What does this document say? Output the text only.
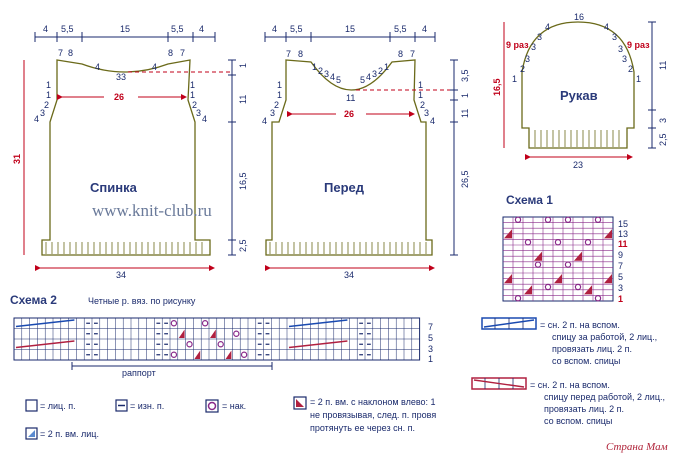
4 5,5	15	5,5 4
1
1
2
3
4
7 8
1
1
2
3
4
8 7
4	4
33
26
Спинка
34
31
1
11
16,5
2,5
4 5,5	15	5,5 4
1
1
2
3
4
7 8
1
1
2
3
4
8 7
1 2 3 4 5 5 4 3 2 1
11
26
Перед
34
3,5
1
11
26,5
16
4
3
3
3
2
1
4
3
3
3
2
1
9 раз	9 раз
Рукав
16,5
11
3
2,5
23
www.knit-club.ru
Схема 1
15
13
11
9
7
5
3
1
Схема 2	Четные р. вяз. по рисунку
7
5
3
1
раппорт
= лиц. п.	= изн. п.	= нак.
= 2 п. вм. лиц.
= 2 п. вм. с наклоном влево: 1
не провязывая, след. п. провя
протянуть ее через сн. п.
= сн. 2 п. на вспом.
спицу за работой, 2 лиц.,
провязать лиц. 2 п.
со вспом. спицы
= сн. 2 п. на вспом.
спицу перед работой, 2 лиц.,
провязать лиц. 2 п.
со вспом. спицы
Страна Мам
